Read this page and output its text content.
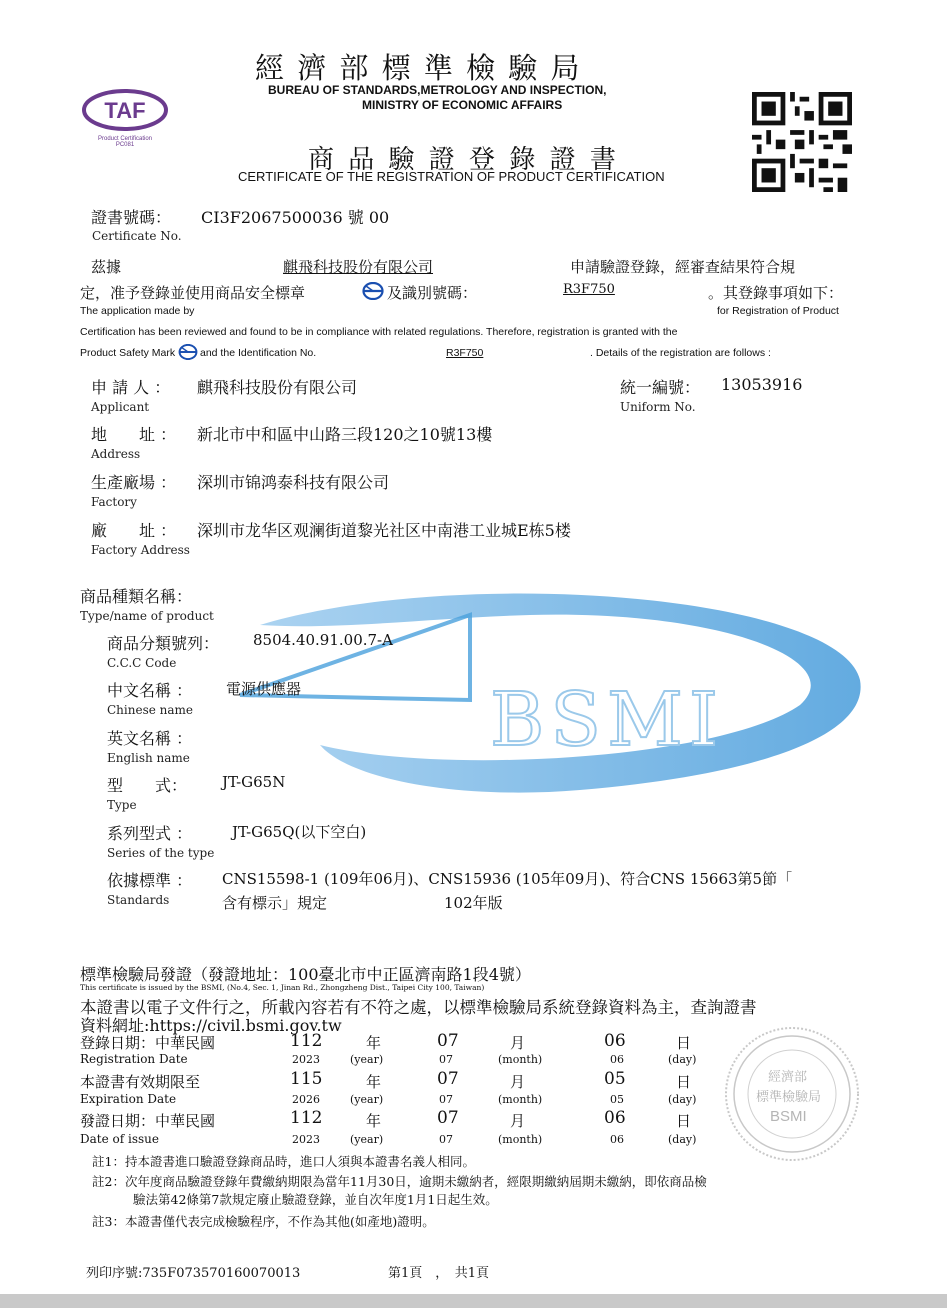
BSMI
TAF
Product Certification
PC081
經 濟 部 標 準 檢 驗 局
BUREAU OF STANDARDS,METROLOGY AND INSPECTION,
MINISTRY OF ECONOMIC AFFAIRS
商 品 驗 證 登 錄 證 書
CERTIFICATE OF THE REGISTRATION OF PRODUCT CERTIFICATION
證書號碼： CI3F2067500036 號 00
Certificate No.
茲據	麒飛科技股份有限公司	申請驗證登錄，經審查結果符合規
定，准予登錄並使用商品安全標章	及識別號碼：	R3F750	。其登錄事項如下：
The application made by	for Registration of Product
Certification has been reviewed and found to be in compliance with related regulations. Therefore, registration is granted with the
Product Safety Mark and the Identification No.	R3F750	. Details of the registration are follows :
申 請 人 ： 麒飛科技股份有限公司
Applicant
統一編號： 13053916
Uniform No.
地　　址 ： 新北市中和區中山路三段120之10號13樓
Address
生產廠場 ： 深圳市锦鸿泰科技有限公司
Factory
廠　　址 ： 深圳市龙华区观澜街道黎光社区中南港工业城E栋5楼
Factory Address
商品種類名稱：
Type/name of product
商品分類號列： 8504.40.91.00.7-A
C.C.C Code
中文名稱 ： 電源供應器
Chinese name
英文名稱 ：
English name
型　　式： JT-G65N
Type
系列型式 ：	JT-G65Q(以下空白)
Series of the type
依據標準 ： CNS15598-1 (109年06月)、CNS15936 (105年09月)、符合CNS 15663第5節「
Standards	含有標示」規定	102年版
標準檢驗局發證（發證地址：100臺北市中正區濟南路1段4號）
This certificate is issued by the BSMI, (No.4, Sec. 1, Jinan Rd., Zhongzheng Dist., Taipei City 100, Taiwan)
本證書以電子文件行之，所載內容若有不符之處，以標準檢驗局系統登錄資料為主，查詢證書
資料網址:https://civil.bsmi.gov.tw
登錄日期：中華民國	112	年	07	月	06	日
Registration Date	2023	(year)	07	(month)	06	(day)
本證書有效期限至	115	年	07	月	05	日
Expiration Date	2026	(year)	07	(month)	05	(day)
發證日期：中華民國	112	年	07	月	06	日
Date of issue	2023	(year)	07	(month)	06	(day)
經濟部
標準檢驗局
BSMI
註1：持本證書進口驗證登錄商品時，進口人須與本證書名義人相同。
註2：次年度商品驗證登錄年費繳納期限為當年11月30日，逾期未繳納者，經限期繳納屆期未繳納，即依商品檢
驗法第42條第7款規定廢止驗證登錄，並自次年度1月1日起生效。
註3：本證書僅代表完成檢驗程序，不作為其他(如產地)證明。
列印序號:735F073570160070013	第1頁　，　共1頁
